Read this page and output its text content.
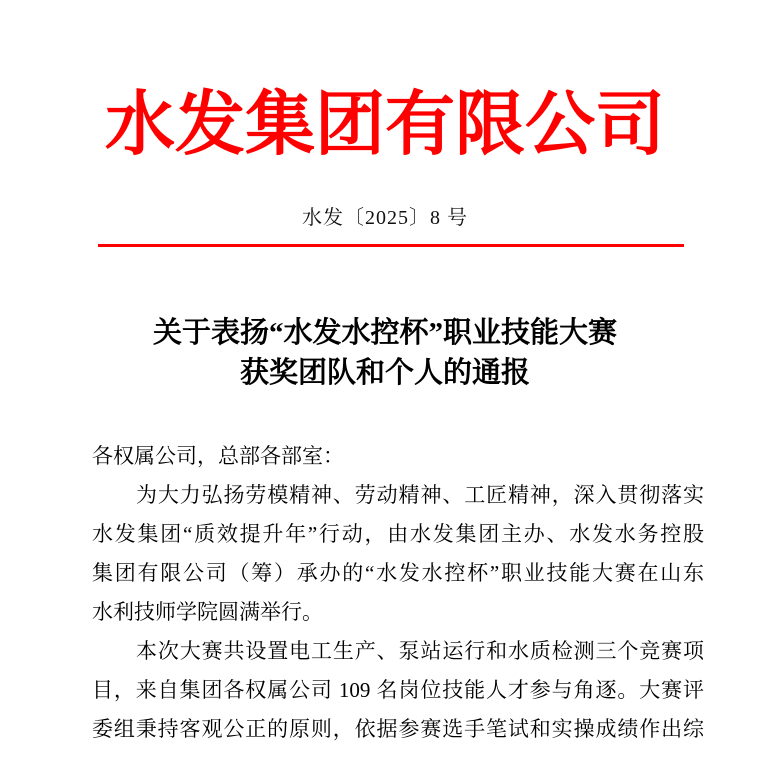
水发集团有限公司
水发〔2025〕8 号
关于表扬“水发水控杯”职业技能大赛
获奖团队和个人的通报
各权属公司，总部各部室：
为大力弘扬劳模精神、劳动精神、工匠精神，深入贯彻落实
水发集团“质效提升年”行动，由水发集团主办、水发水务控股
集团有限公司（筹）承办的“水发水控杯”职业技能大赛在山东
水利技师学院圆满举行。
本次大赛共设置电工生产、泵站运行和水质检测三个竞赛项
目，来自集团各权属公司 109 名岗位技能人才参与角逐。大赛评
委组秉持客观公正的原则，依据参赛选手笔试和实操成绩作出综
